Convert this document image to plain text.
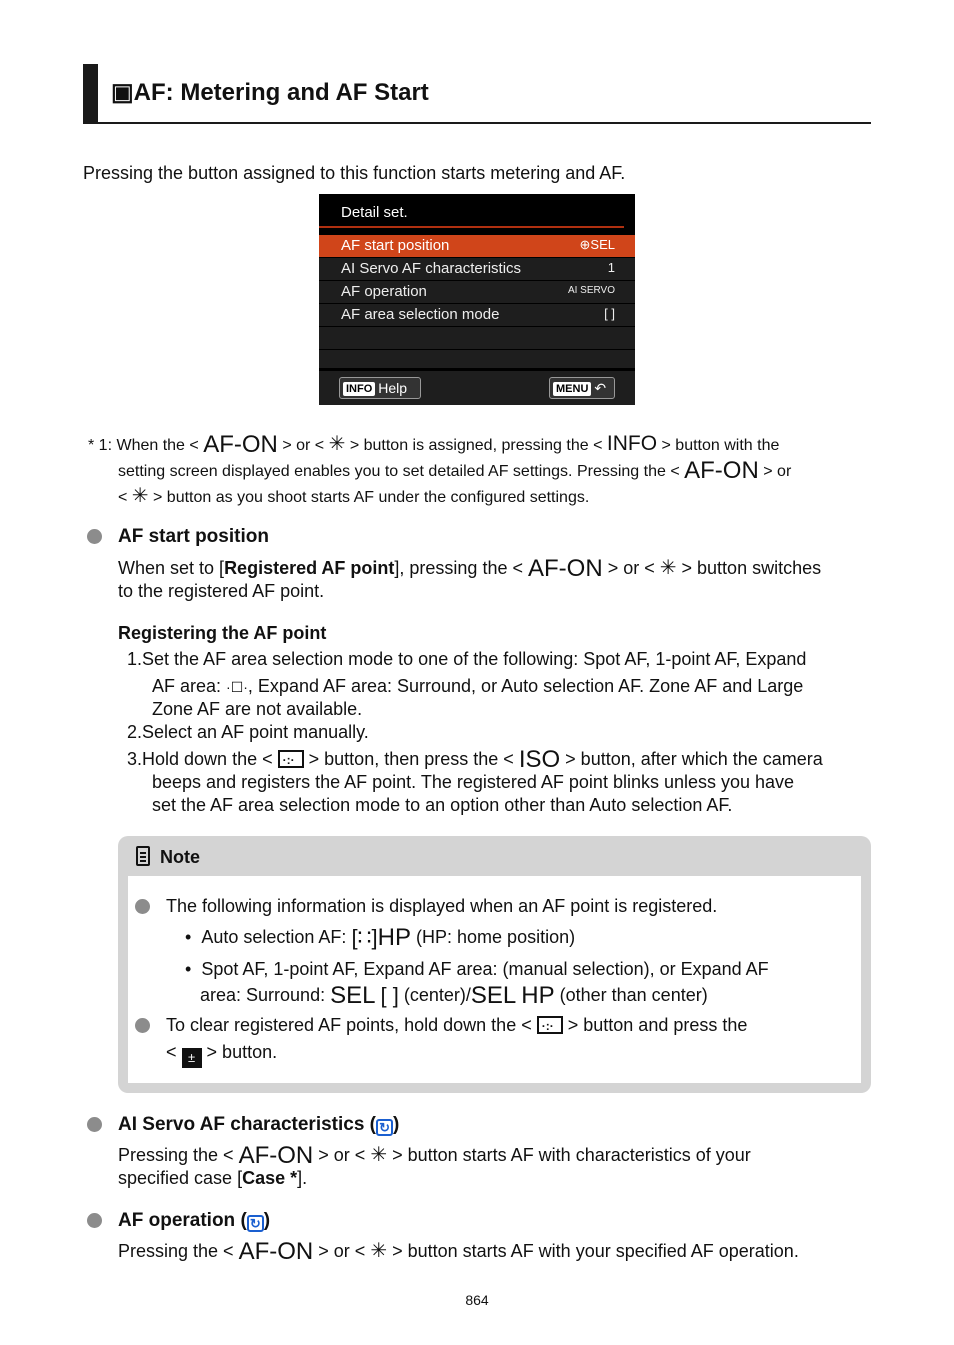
▣AF: Metering and AF Start

Pressing the button assigned to this function starts metering and AF.

Detail set.
AF start position	⊕SEL
AI Servo AF characteristics	1
AF operation	AI SERVO
AF area selection mode	[ ]
INFO Help	MENU ↶
* 1: When the < AF-ON > or < ✳ > button is assigned, pressing the < INFO > button with the
setting screen displayed enables you to set detailed AF settings. Pressing the < AF-ON > or
< ✳ > button as you shoot starts AF under the configured settings.
AF start position
When set to [Registered AF point], pressing the < AF-ON > or < ✳ > button switches
to the registered AF point.
Registering the AF point
1.Set the AF area selection mode to one of the following: Spot AF, 1-point AF, Expand
AF area: ·☐·, Expand AF area: Surround, or Auto selection AF. Zone AF and Large
Zone AF are not available.
2.Select an AF point manually.
3.Hold down the < ·:· > button, then press the < ISO > button, after which the camera
beeps and registers the AF point. The registered AF point blinks unless you have
set the AF area selection mode to an option other than Auto selection AF.
Note
The following information is displayed when an AF point is registered.
• Auto selection AF: [∷]HP (HP: home position)
• Spot AF, 1-point AF, Expand AF area: (manual selection), or Expand AF
area: Surround: SEL [ ] (center)/SEL HP (other than center)
To clear registered AF points, hold down the < ·:· > button and press the
< ± > button.
AI Servo AF characteristics ( ↻ )
Pressing the < AF-ON > or < ✳ > button starts AF with characteristics of your
specified case [Case *].
AF operation ( ↻ )
Pressing the < AF-ON > or < ✳ > button starts AF with your specified AF operation.
864
